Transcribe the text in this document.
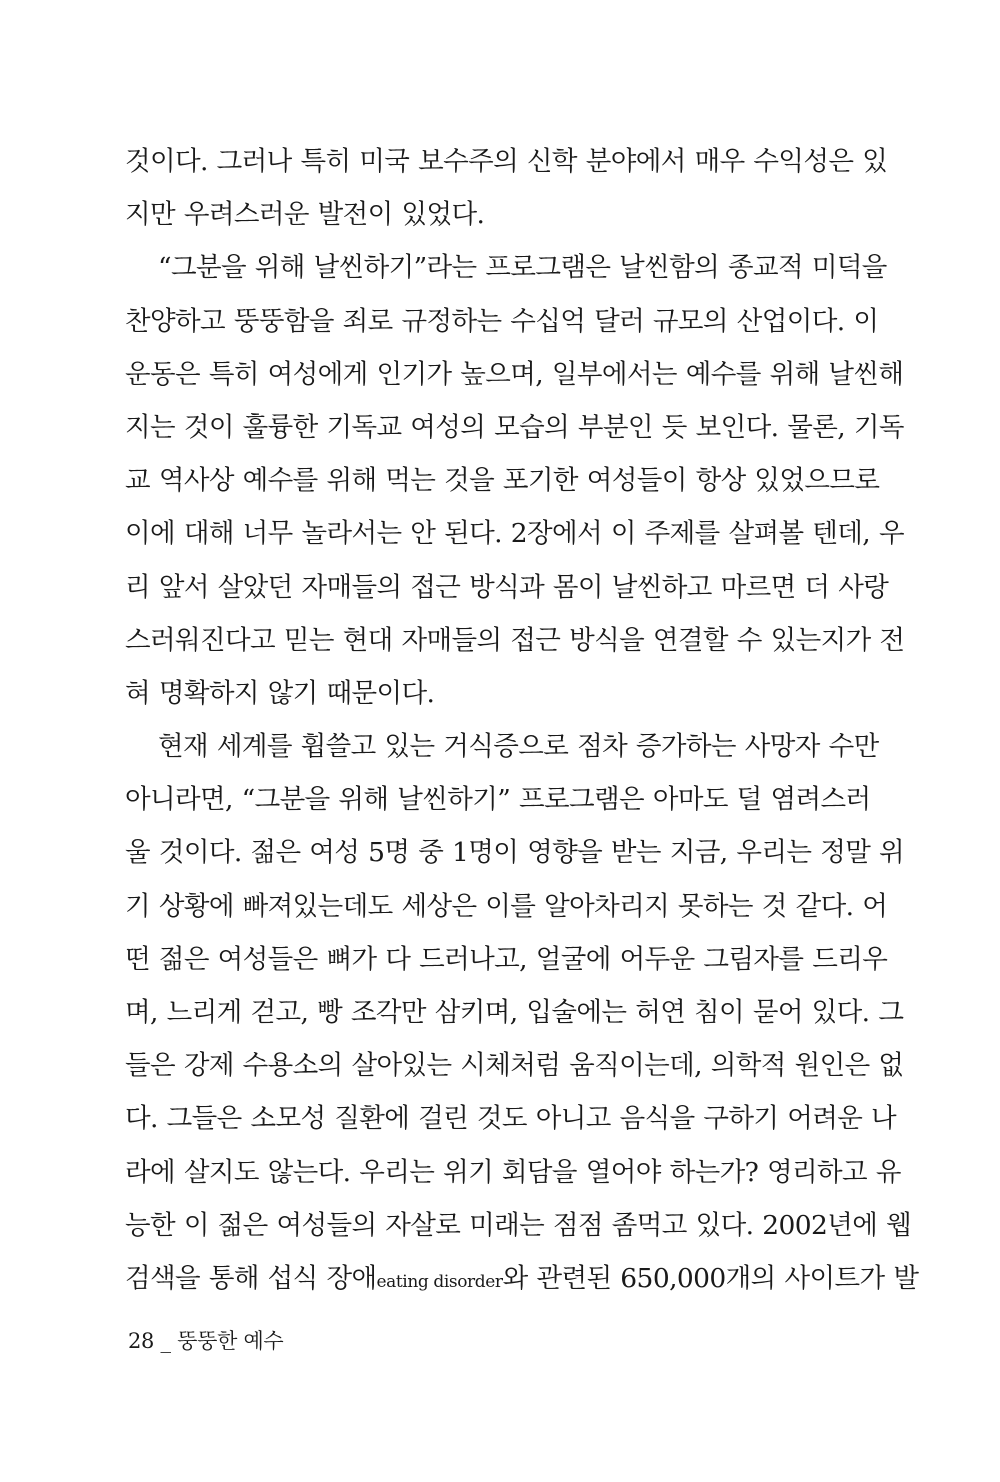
것이다. 그러나 특히 미국 보수주의 신학 분야에서 매우 수익성은 있
지만 우려스러운 발전이 있었다.
“그분을 위해 날씬하기”라는 프로그램은 날씬함의 종교적 미덕을
찬양하고 뚱뚱함을 죄로 규정하는 수십억 달러 규모의 산업이다. 이
운동은 특히 여성에게 인기가 높으며, 일부에서는 예수를 위해 날씬해
지는 것이 훌륭한 기독교 여성의 모습의 부분인 듯 보인다. 물론, 기독
교 역사상 예수를 위해 먹는 것을 포기한 여성들이 항상 있었으므로
이에 대해 너무 놀라서는 안 된다. 2장에서 이 주제를 살펴볼 텐데, 우
리 앞서 살았던 자매들의 접근 방식과 몸이 날씬하고 마르면 더 사랑
스러워진다고 믿는 현대 자매들의 접근 방식을 연결할 수 있는지가 전
혀 명확하지 않기 때문이다.
현재 세계를 휩쓸고 있는 거식증으로 점차 증가하는 사망자 수만
아니라면, “그분을 위해 날씬하기” 프로그램은 아마도 덜 염려스러
울 것이다. 젊은 여성 5명 중 1명이 영향을 받는 지금, 우리는 정말 위
기 상황에 빠져있는데도 세상은 이를 알아차리지 못하는 것 같다. 어
떤 젊은 여성들은 뼈가 다 드러나고, 얼굴에 어두운 그림자를 드리우
며, 느리게 걷고, 빵 조각만 삼키며, 입술에는 허연 침이 묻어 있다. 그
들은 강제 수용소의 살아있는 시체처럼 움직이는데, 의학적 원인은 없
다. 그들은 소모성 질환에 걸린 것도 아니고 음식을 구하기 어려운 나
라에 살지도 않는다. 우리는 위기 회담을 열어야 하는가? 영리하고 유
능한 이 젊은 여성들의 자살로 미래는 점점 좀먹고 있다. 2002년에 웹
검색을 통해 섭식 장애eating disorder와 관련된 650,000개의 사이트가 발
28 _ 뚱뚱한 예수
